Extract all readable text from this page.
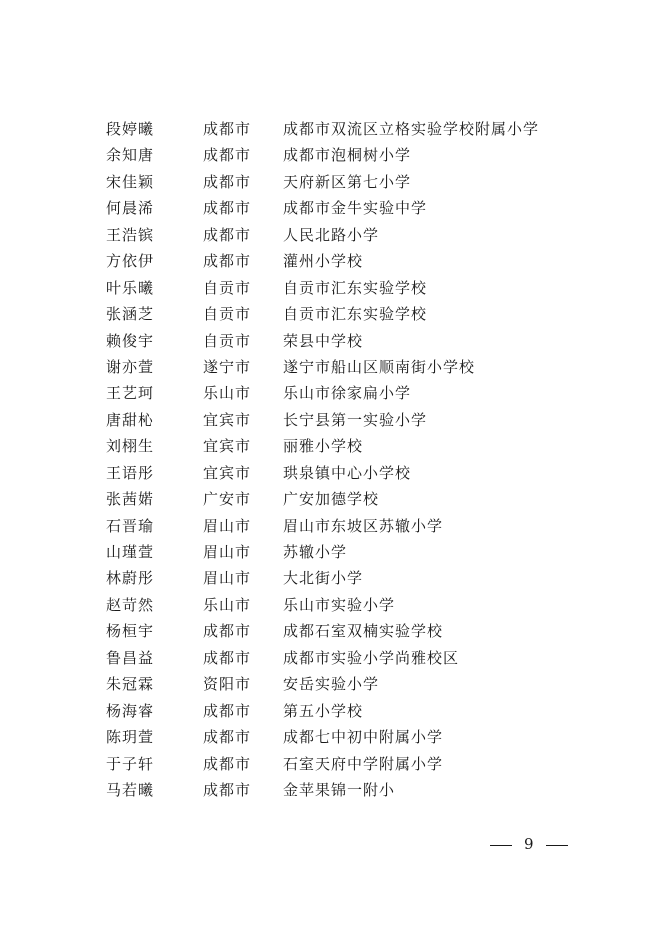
段婷曦	成都市 成都市双流区立格实验学校附属小学
余知唐	成都市 成都市泡桐树小学
宋佳颖	成都市 天府新区第七小学
何晨浠	成都市 成都市金牛实验中学
王浩镔	成都市 人民北路小学
方依伊	成都市 灌州小学校
叶乐曦	自贡市 自贡市汇东实验学校
张涵芝	自贡市 自贡市汇东实验学校
赖俊宇	自贡市 荣县中学校
谢亦萱	遂宁市 遂宁市船山区顺南街小学校
王艺珂	乐山市 乐山市徐家扁小学
唐甜杺	宜宾市 长宁县第一实验小学
刘栩生	宜宾市 丽雅小学校
王语彤	宜宾市 珙泉镇中心小学校
张茜婼	广安市 广安加德学校
石晋瑜	眉山市 眉山市东坡区苏辙小学
山瑾萱	眉山市 苏辙小学
林蔚彤	眉山市 大北街小学
赵苛然	乐山市 乐山市实验小学
杨桓宇	成都市 成都石室双楠实验学校
鲁昌益	成都市 成都市实验小学尚雅校区
朱冠霖	资阳市 安岳实验小学
杨海睿	成都市 第五小学校
陈玥萱	成都市 成都七中初中附属小学
于子轩	成都市 石室天府中学附属小学
马若曦	成都市 金苹果锦一附小
9
